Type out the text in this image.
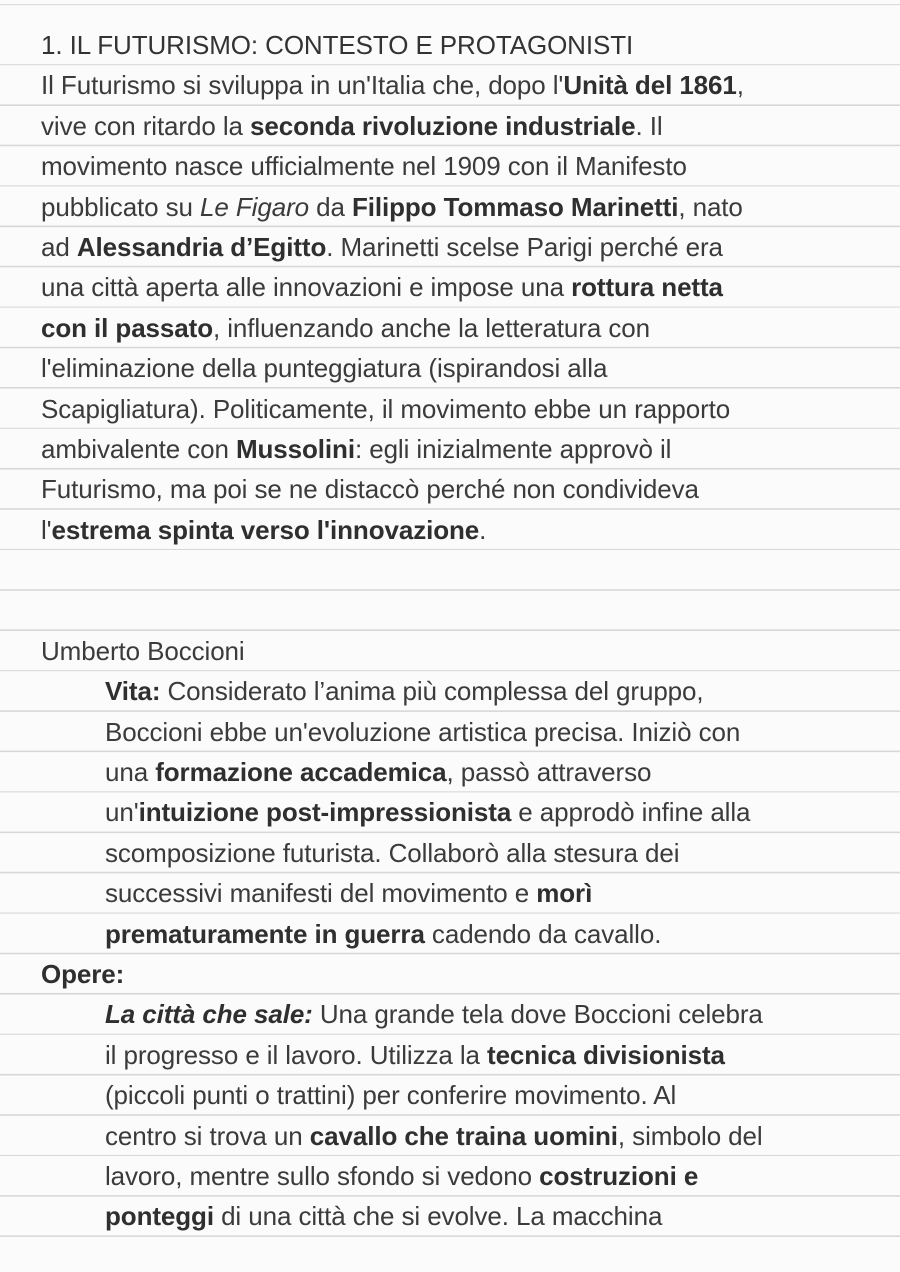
1. IL FUTURISMO: CONTESTO E PROTAGONISTI
Il Futurismo si sviluppa in un'Italia che, dopo l'Unità del 1861,
vive con ritardo la seconda rivoluzione industriale. Il
movimento nasce ufficialmente nel 1909 con il Manifesto
pubblicato su Le Figaro da Filippo Tommaso Marinetti, nato
ad Alessandria d’Egitto. Marinetti scelse Parigi perché era
una città aperta alle innovazioni e impose una rottura netta
con il passato, influenzando anche la letteratura con
l'eliminazione della punteggiatura (ispirandosi alla
Scapigliatura). Politicamente, il movimento ebbe un rapporto
ambivalente con Mussolini: egli inizialmente approvò il
Futurismo, ma poi se ne distaccò perché non condivideva
l'estrema spinta verso l'innovazione.
Umberto Boccioni
Vita: Considerato l’anima più complessa del gruppo,
Boccioni ebbe un'evoluzione artistica precisa. Iniziò con
una formazione accademica, passò attraverso
un'intuizione post-impressionista e approdò infine alla
scomposizione futurista. Collaborò alla stesura dei
successivi manifesti del movimento e morì
prematuramente in guerra cadendo da cavallo.
Opere:
La città che sale: Una grande tela dove Boccioni celebra
il progresso e il lavoro. Utilizza la tecnica divisionista
(piccoli punti o trattini) per conferire movimento. Al
centro si trova un cavallo che traina uomini, simbolo del
lavoro, mentre sullo sfondo si vedono costruzioni e
ponteggi di una città che si evolve. La macchina
